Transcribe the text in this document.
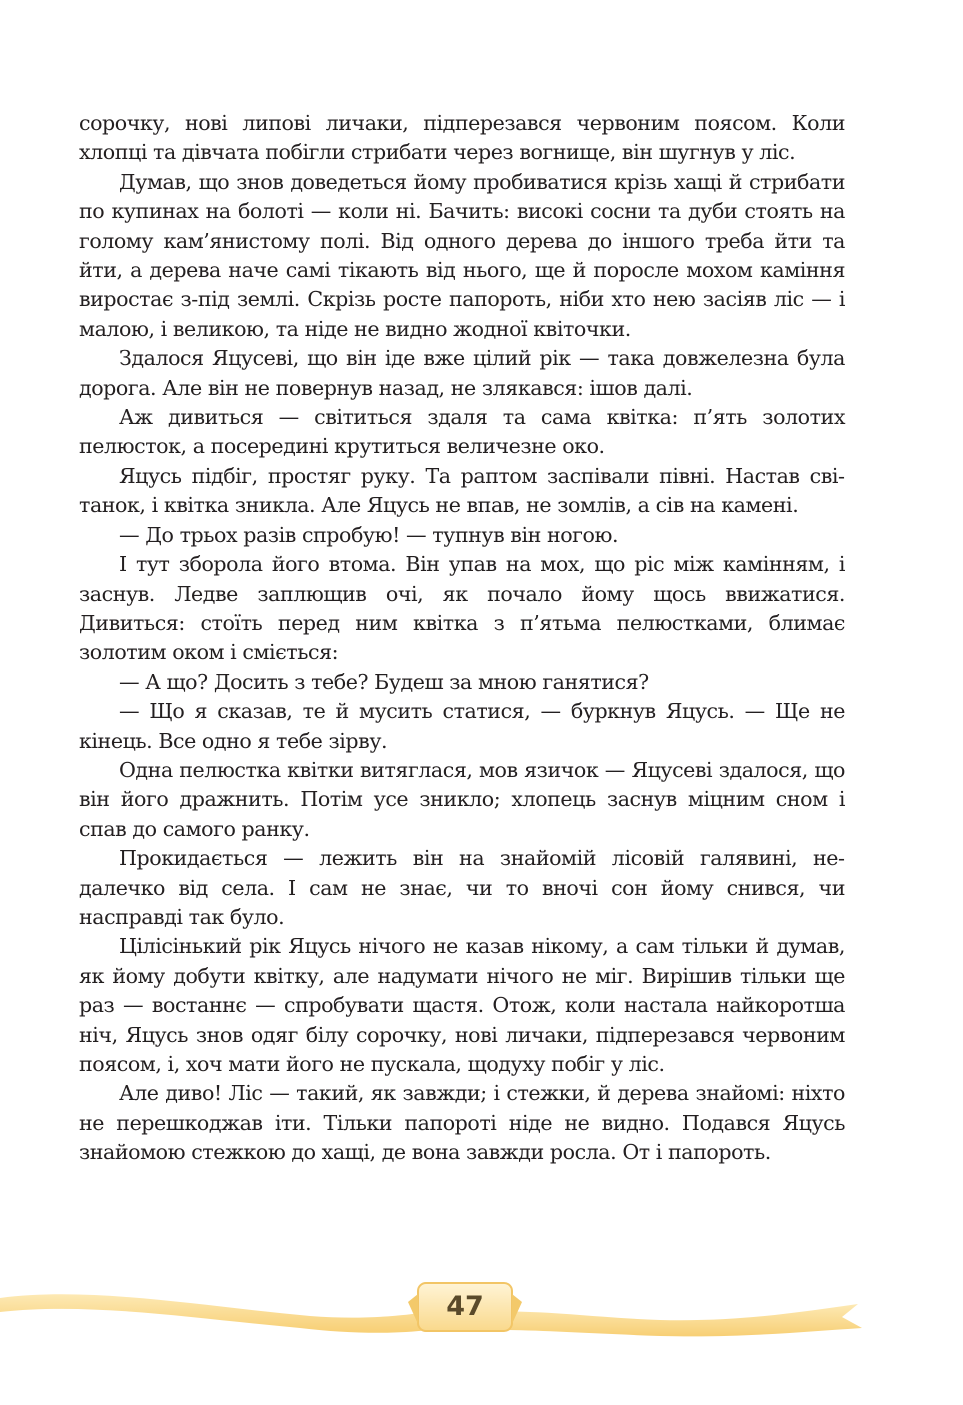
сорочку, нові липові личаки, підперезався червоним поясом. Коли хлопці та дівчата побігли стрибати через вогнище, він шугнув у ліс.

Думав, що знов доведеться йому пробиватися крізь хащі й стрибати по купинах на болоті — коли ні. Бачить: високі сосни та дуби стоять на голому кам’янистому полі. Від одного дерева до іншого треба йти та йти, а дерева наче самі тікають від нього, ще й поросле мохом каміння виростає з-під землі. Скрізь росте папороть, ніби хто нею засіяв ліс — і малою, і великою, та ніде не видно жодної квіточки.

Здалося Яцусеві, що він іде вже цілий рік — така довжелезна була дорога. Але він не повернув назад, не злякався: ішов далі.

Аж дивиться — світиться здаля та сама квітка: п’ять золотих пелюсток, а посередині крутиться величезне око.

Яцусь підбіг, простяг руку. Та раптом заспівали півні. Настав світанок, і квітка зникла. Але Яцусь не впав, не зомлів, а сів на камені.

— До трьох разів спробую! — тупнув він ногою.

І тут зборола його втома. Він упав на мох, що ріс між камінням, і заснув. Ледве заплющив очі, як почало йому щось ввижатися. Дивиться: стоїть перед ним квітка з п’ятьма пелюстками, блимає золотим оком і сміється:

— А що? Досить з тебе? Будеш за мною ганятися?

— Що я сказав, те й мусить статися, — буркнув Яцусь. — Ще не кінець. Все одно я тебе зірву.

Одна пелюстка квітки витяглася, мов язичок — Яцусеві здалося, що він його дражнить. Потім усе зникло; хлопець заснув міцним сном і спав до самого ранку.

Прокидається — лежить він на знайомій лісовій галявині, недалечко від села. І сам не знає, чи то вночі сон йому снився, чи насправді так було.

Цілісінький рік Яцусь нічого не казав нікому, а сам тільки й думав, як йому добути квітку, але надумати нічого не міг. Вирішив тільки ще раз — востаннє — спробувати щастя. Отож, коли настала найкоротша ніч, Яцусь знов одяг білу сорочку, нові личаки, підперезався червоним поясом, і, хоч мати його не пускала, щодуху побіг у ліс.

Але диво! Ліс — такий, як завжди; і стежки, й дерева знайомі: ніхто не перешкоджав іти. Тільки папороті ніде не видно. Подався Яцусь знайомою стежкою до хащі, де вона завжди росла. От і папороть.

47
